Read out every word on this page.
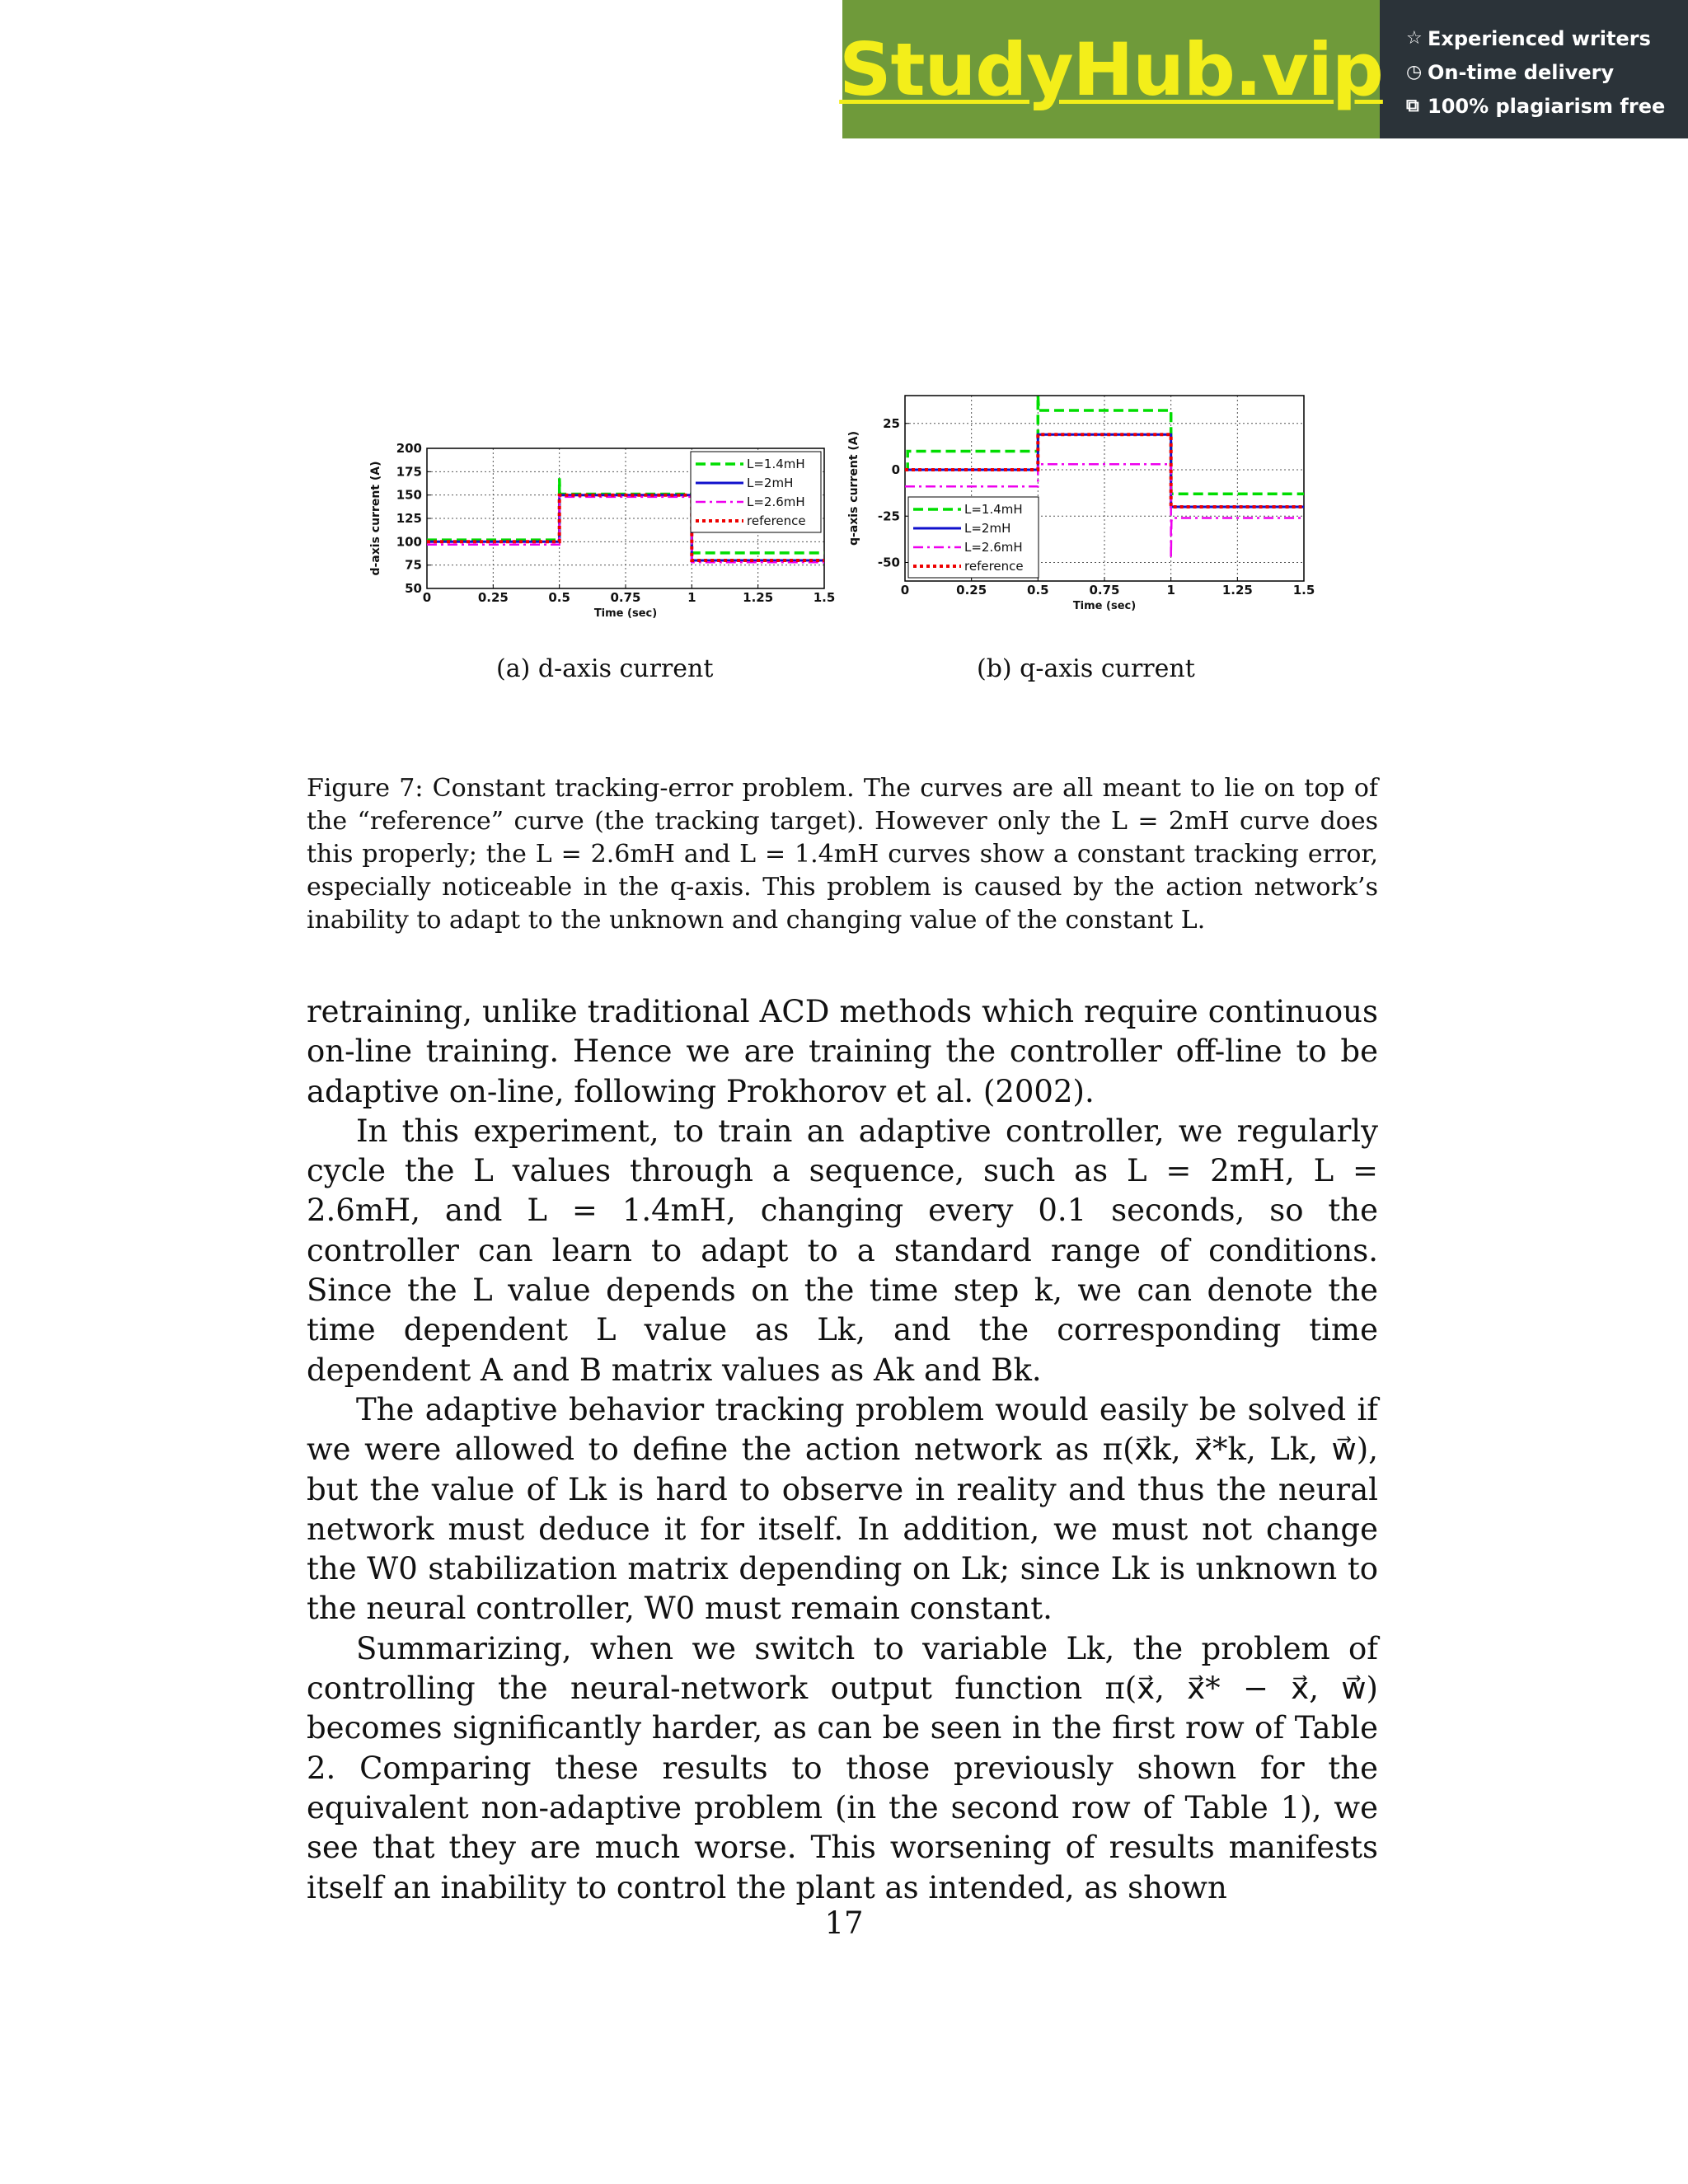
StudyHub.vip ☆ Experienced writers
◷ On-time delivery
⧉ 100% plagiarism free
0	0.25	0.5	0.75	1	1.25	1.5
50
75
100
125
150
175
200
Time (sec)
d-axis current (A)	L=1.4mH
L=2mH
L=2.6mH
reference
0	0.25	0.5	0.75	1	1.25	1.5
-50
-25
0
25
Time (sec)
q-axis current (A)	L=1.4mH
L=2mH
L=2.6mH
reference
(a) d-axis current	(b) q-axis current
Figure 7: Constant tracking-error problem. The curves are all meant to lie on top of the “reference” curve (the tracking target). However only the L = 2mH curve does this properly; the L = 2.6mH and L = 1.4mH curves show a constant tracking error, especially noticeable in the q-axis. This problem is caused by the action network’s inability to adapt to the unknown and changing value of the constant L.

retraining, unlike traditional ACD methods which require continuous on-line training. Hence we are training the controller off-line to be adaptive on-line, following Prokhorov et al. (2002).

In this experiment, to train an adaptive controller, we regularly cycle the L values through a sequence, such as L = 2mH, L = 2.6mH, and L = 1.4mH, changing every 0.1 seconds, so the controller can learn to adapt to a standard range of conditions. Since the L value depends on the time step k, we can denote the time dependent L value as Lk, and the corresponding time dependent A and B matrix values as Ak and Bk.

The adaptive behavior tracking problem would easily be solved if we were allowed to define the action network as π(x⃗k, x⃗*k, Lk, w⃗), but the value of Lk is hard to observe in reality and thus the neural network must deduce it for itself. In addition, we must not change the W0 stabilization matrix depending on Lk; since Lk is unknown to the neural controller, W0 must remain constant.

Summarizing, when we switch to variable Lk, the problem of controlling the neural-network output function π(x⃗, x⃗* − x⃗, w⃗) becomes significantly harder, as can be seen in the first row of Table 2. Comparing these results to those previously shown for the equivalent non-adaptive problem (in the second row of Table 1), we see that they are much worse. This worsening of results manifests itself an inability to control the plant as intended, as shown

17
